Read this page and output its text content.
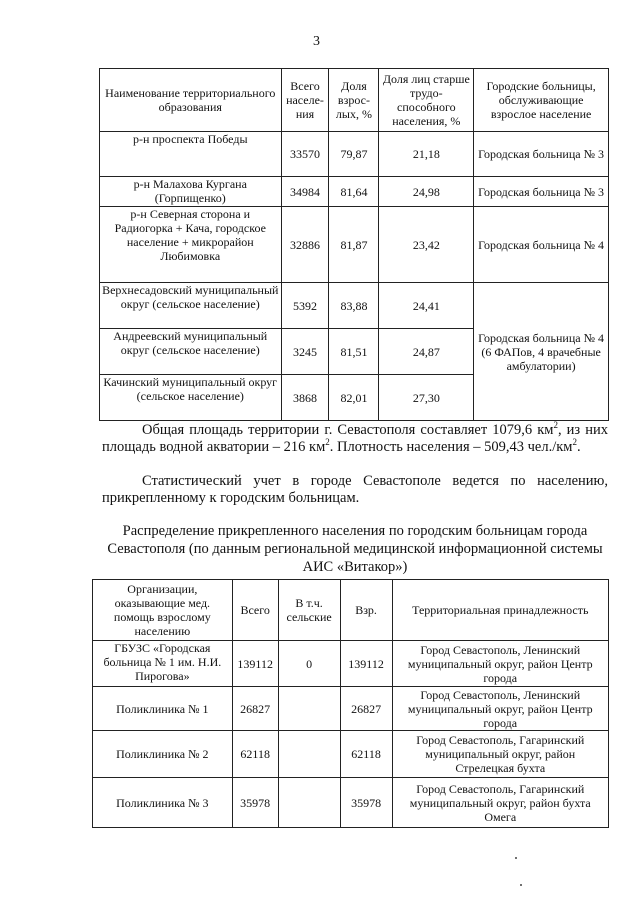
3
Наименование территориального образования	Всего населе-ния	Доля взрос-лых, %	Доля лиц старше трудо-способного населения, %	Городские больницы, обслуживающие взрослое население
р-н проспекта Победы	33570	79,87	21,18	Городская больница № 3
р-н Малахова Кургана (Горпищенко)	34984	81,64	24,98	Городская больница № 3
р-н Северная сторона и Радиогорка + Кача, городское население + микрорайон Любимовка	32886	81,87	23,42	Городская больница № 4
Верхнесадовский муниципальный округ (сельское население)	5392	83,88	24,41	Городская больница № 4 (6 ФАПов, 4 врачебные амбулатории)
Андреевский муниципальный округ (сельское население)	3245	81,51	24,87	
Качинский муниципальный округ (сельское население)	3868	82,01	27,30	
Общая площадь территории г. Севастополя составляет 1079,6 $км^2$, из них площадь водной акватории – 216 $км^2$. Плотность населения – 509,43 $чел./км^2$.
Статистический учет в городе Севастополе ведется по населению, прикрепленному к городским больницам.
Распределение прикрепленного населения по городским больницам города Севастополя (по данным региональной медицинской информационной системы АИС «Витакор»)
Организации, оказывающие мед. помощь взрослому населению	Всего	В т.ч. сельские	Взр.	Территориальная принадлежность
ГБУЗС «Городская больница № 1 им. Н.И. Пирогова»	139112	0	139112	Город Севастополь, Ленинский муниципальный округ, район Центр города
Поликлиника № 1	26827		26827	Город Севастополь, Ленинский муниципальный округ, район Центр города
Поликлиника № 2	62118		62118	Город Севастополь, Гагаринский муниципальный округ, район Стрелецкая бухта
Поликлиника № 3	35978		35978	Город Севастополь, Гагаринский муниципальный округ, район бухта Омега
